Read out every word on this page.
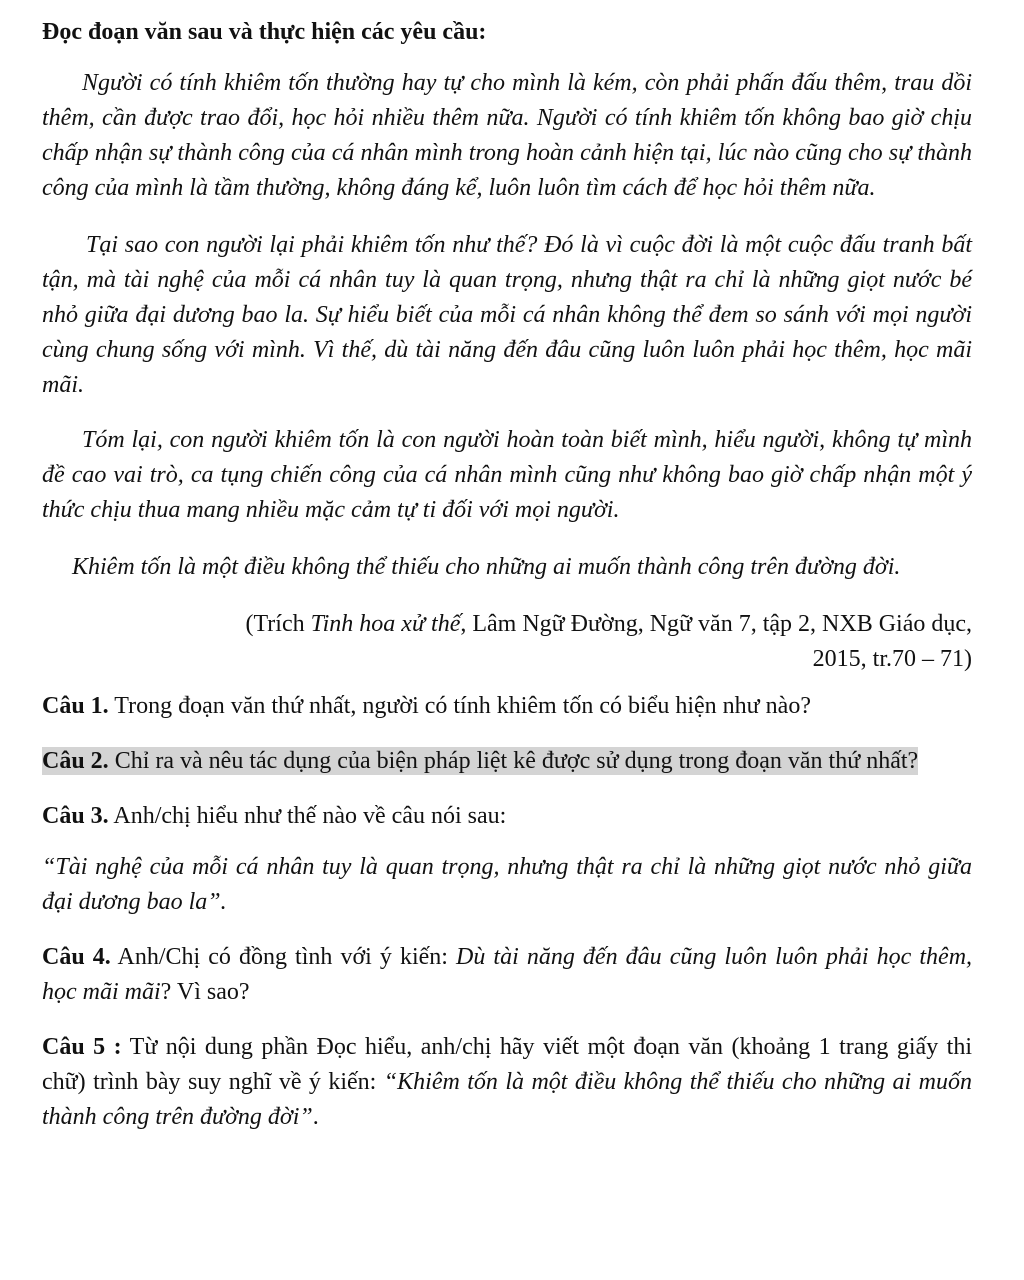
Đọc đoạn văn sau và thực hiện các yêu cầu:
Người có tính khiêm tốn thường hay tự cho mình là kém, còn phải phấn đấu thêm, trau dồi thêm, cần được trao đổi, học hỏi nhiều thêm nữa. Người có tính khiêm tốn không bao giờ chịu chấp nhận sự thành công của cá nhân mình trong hoàn cảnh hiện tại, lúc nào cũng cho sự thành công của mình là tầm thường, không đáng kể, luôn luôn tìm cách để học hỏi thêm nữa.
Tại sao con người lại phải khiêm tốn như thế? Đó là vì cuộc đời là một cuộc đấu tranh bất tận, mà tài nghệ của mỗi cá nhân tuy là quan trọng, nhưng thật ra chỉ là những giọt nước bé nhỏ giữa đại dương bao la. Sự hiểu biết của mỗi cá nhân không thể đem so sánh với mọi người cùng chung sống với mình. Vì thế, dù tài năng đến đâu cũng luôn luôn phải học thêm, học mãi mãi.
Tóm lại, con người khiêm tốn là con người hoàn toàn biết mình, hiểu người, không tự mình đề cao vai trò, ca tụng chiến công của cá nhân mình cũng như không bao giờ chấp nhận một ý thức chịu thua mang nhiều mặc cảm tự ti đối với mọi người.
Khiêm tốn là một điều không thể thiếu cho những ai muốn thành công trên đường đời.
(Trích Tinh hoa xử thế, Lâm Ngữ Đường, Ngữ văn 7, tập 2, NXB Giáo dục,
2015, tr.70 – 71)
Câu 1. Trong đoạn văn thứ nhất, người có tính khiêm tốn có biểu hiện như nào?
Câu 2. Chỉ ra và nêu tác dụng của biện pháp liệt kê được sử dụng trong đoạn văn thứ nhất?
Câu 3. Anh/chị hiểu như thế nào về câu nói sau:
“Tài nghệ của mỗi cá nhân tuy là quan trọng, nhưng thật ra chỉ là những giọt nước nhỏ giữa đại dương bao la”.
Câu 4. Anh/Chị có đồng tình với ý kiến: Dù tài năng đến đâu cũng luôn luôn phải học thêm, học mãi mãi? Vì sao?
Câu 5 : Từ nội dung phần Đọc hiểu, anh/chị hãy viết một đoạn văn (khoảng 1 trang giấy thi chữ) trình bày suy nghĩ về ý kiến: “Khiêm tốn là một điều không thể thiếu cho những ai muốn thành công trên đường đời”.
